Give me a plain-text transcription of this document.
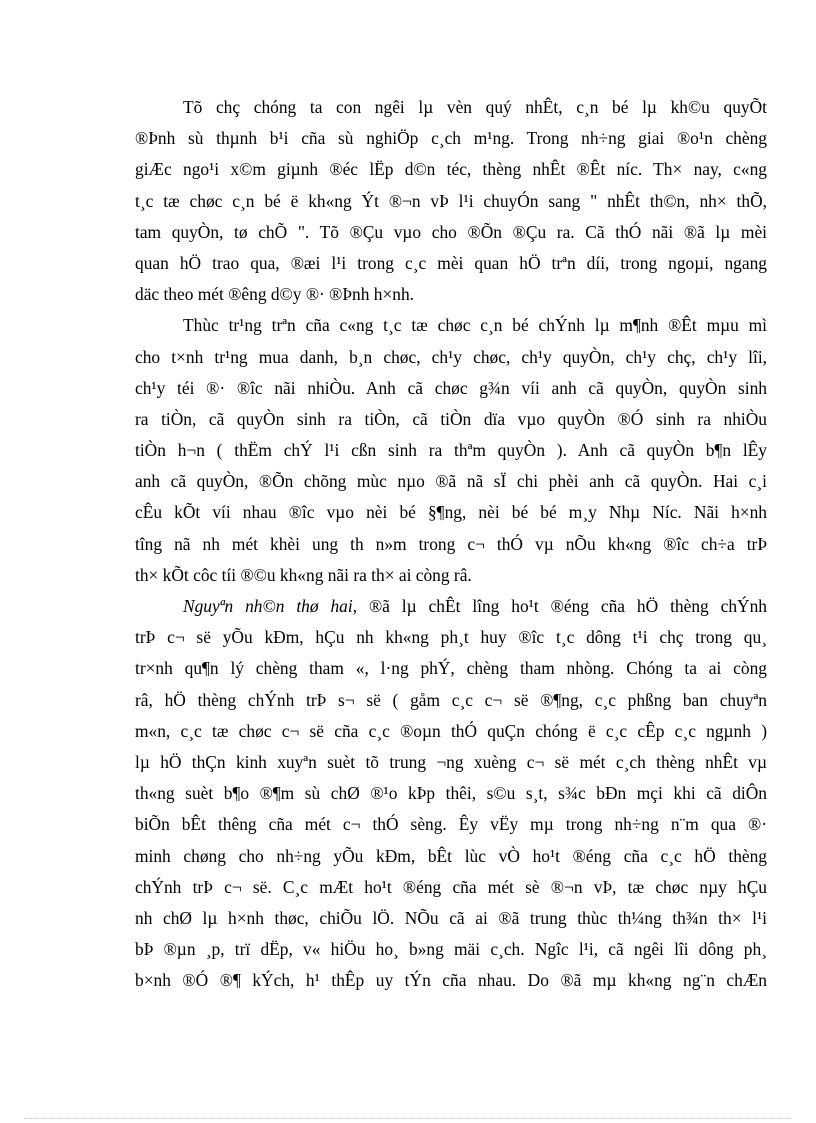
Tõ chç chóng ta con ngêi lµ vèn quý nhÊt, c¸n bé lµ kh©u quyÕt
®Þnh sù thµnh b¹i cña sù nghiÖp c¸ch m¹ng. Trong nh÷ng giai ®o¹n chèng
giÆc ngo¹i x©m giµnh ®éc lËp d©n téc, thèng nhÊt ®Êt níc. Th× nay, c«ng
t¸c tæ chøc c¸n bé ë kh«ng Ýt ®¬n vÞ l¹i chuyÓn sang " nhÊt th©n, nh× thÕ,
tam quyÒn, tø chÕ ". Tõ ®Çu vµo cho ®Õn ®Çu ra. Cã thÓ nãi ®ã lµ mèi
quan hÖ trao qua, ®æi l¹i trong c¸c mèi quan hÖ trªn díi, trong ngoµi, ngang
däc theo mét ®êng d©y ®· ®Þnh h×nh.
Thùc tr¹ng trªn cña c«ng t¸c tæ chøc c¸n bé chÝnh lµ m¶nh ®Êt mµu mì
cho t×nh tr¹ng mua danh, b¸n chøc, ch¹y chøc, ch¹y quyÒn, ch¹y chç, ch¹y lîi,
ch¹y téi ®· ®îc nãi nhiÒu. Anh cã chøc g¾n víi anh cã quyÒn, quyÒn sinh
ra tiÒn, cã quyÒn sinh ra tiÒn, cã tiÒn dïa vµo quyÒn ®Ó sinh ra nhiÒu
tiÒn h¬n ( thËm chÝ l¹i cßn sinh ra thªm quyÒn ). Anh cã quyÒn b¶n lÊy
anh cã quyÒn, ®Õn chõng mùc nµo ®ã nã sÏ chi phèi anh cã quyÒn. Hai c¸i
cÊu kÕt víi nhau ®îc vµo nèi bé §¶ng, nèi bé bé m¸y Nhµ Níc. Nãi h×nh
tîng nã nh mét khèi ung th n»m trong c¬ thÓ vµ nÕu kh«ng ®îc ch÷a trÞ
th× kÕt côc tíi ®©u kh«ng nãi ra th× ai còng râ.
Nguyªn nh©n thø hai, ®ã lµ chÊt lîng ho¹t ®éng cña hÖ thèng chÝnh
trÞ c¬ së yÕu kÐm, hÇu nh kh«ng ph¸t huy ®îc t¸c dông t¹i chç trong qu¸
tr×nh qu¶n lý chèng tham «, l·ng phÝ, chèng tham nhòng. Chóng ta ai còng
râ, hÖ thèng chÝnh trÞ s¬ së ( gåm c¸c c¬ së ®¶ng, c¸c phßng ban chuyªn
m«n, c¸c tæ chøc c¬ së cña c¸c ®oµn thÓ quÇn chóng ë c¸c cÊp c¸c ngµnh )
lµ hÖ thÇn kinh xuyªn suèt tõ trung ¬ng xuèng c¬ së mét c¸ch thèng nhÊt vµ
th«ng suèt b¶o ®¶m sù chØ ®¹o kÞp thêi, s©u s¸t, s¾c bÐn mçi khi cã diÔn
biÕn bÊt thêng cña mét c¬ thÓ sèng. Êy vËy mµ trong nh÷ng n¨m qua ®·
minh chøng cho nh÷ng yÕu kÐm, bÊt lùc vÒ ho¹t ®éng cña c¸c hÖ thèng
chÝnh trÞ c¬ së. C¸c mÆt ho¹t ®éng cña mét sè ®¬n vÞ, tæ chøc nµy hÇu
nh chØ lµ h×nh thøc, chiÕu lÖ. NÕu cã ai ®ã trung thùc th¼ng th¾n th× l¹i
bÞ ®µn ¸p, trï dËp, v« hiÖu ho¸ b»ng mäi c¸ch. Ngîc l¹i, cã ngêi lîi dông ph¸
b×nh ®Ó ®¶ kÝch, h¹ thÊp uy tÝn cña nhau. Do ®ã mµ kh«ng ng¨n chÆn
